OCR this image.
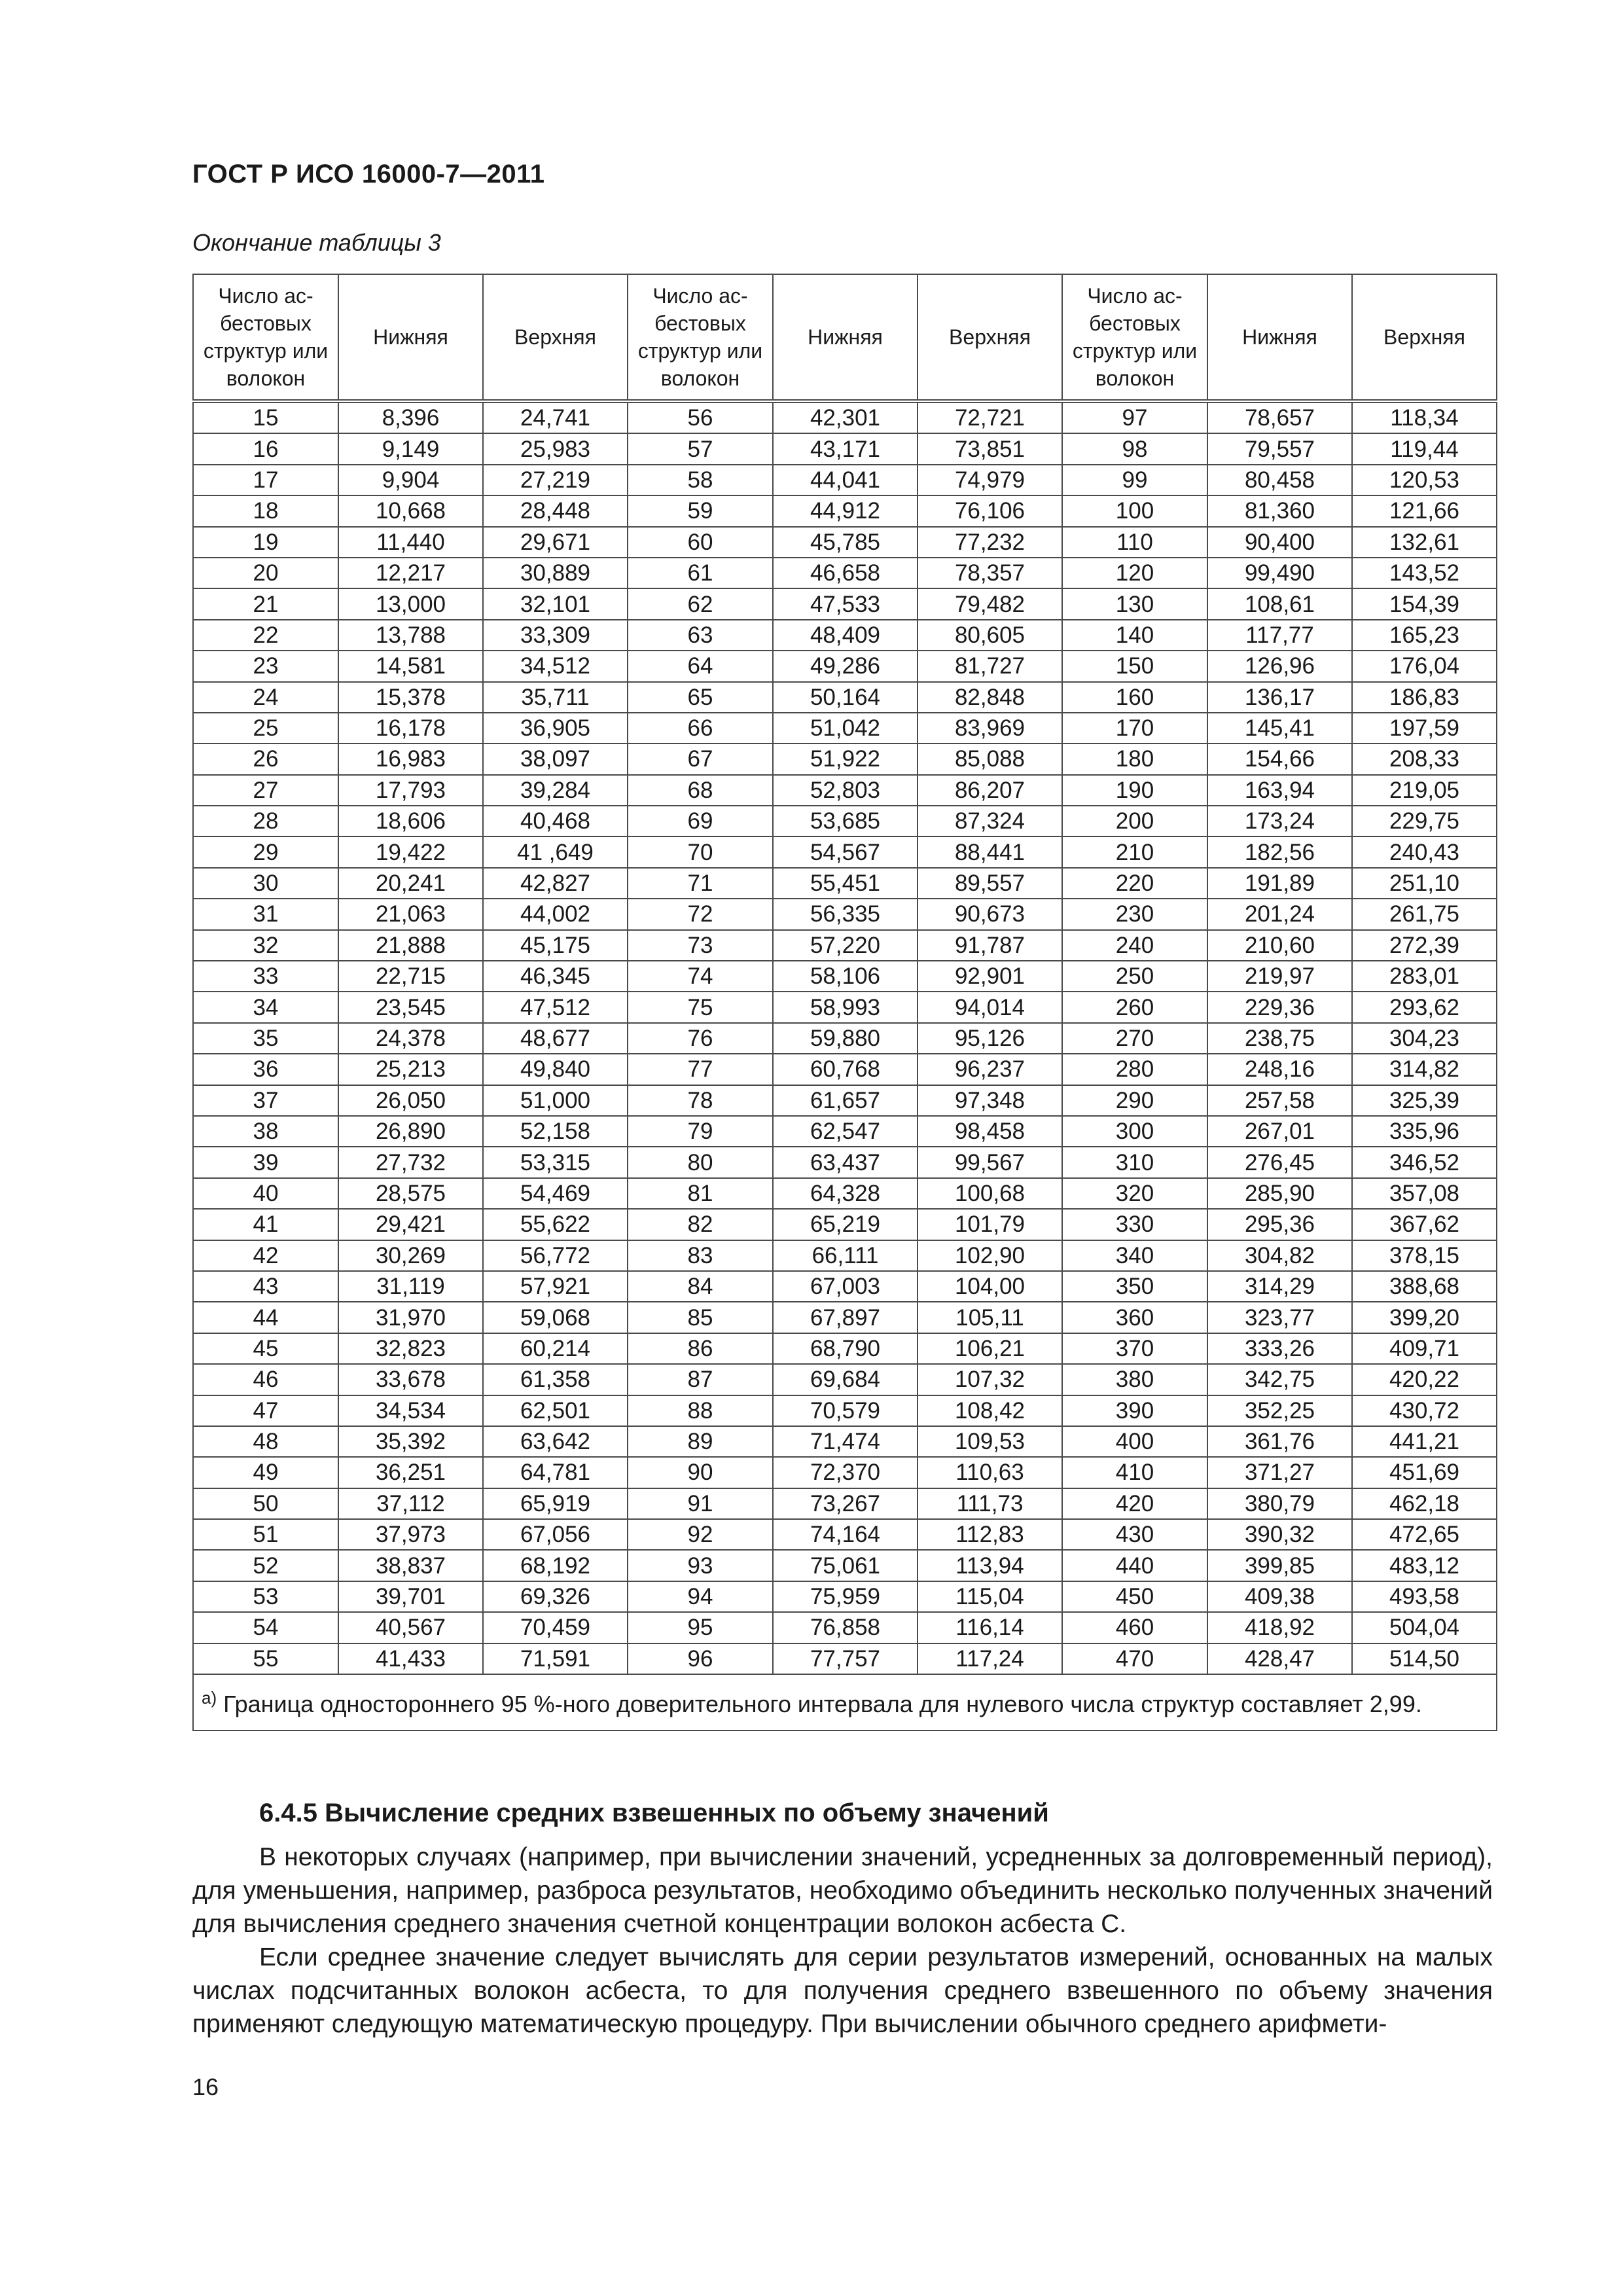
ГОСТ Р ИСО 16000-7—2011
Окончание таблицы 3
Число ас-
бестовых
структур или
волокон	Нижняя	Верхняя	Число ас-
бестовых
структур или
волокон	Нижняя	Верхняя	Число ас-
бестовых
структур или
волокон	Нижняя	Верхняя
15	8,396	24,741	56	42,301	72,721	97	78,657	118,34
16	9,149	25,983	57	43,171	73,851	98	79,557	119,44
17	9,904	27,219	58	44,041	74,979	99	80,458	120,53
18	10,668	28,448	59	44,912	76,106	100	81,360	121,66
19	11,440	29,671	60	45,785	77,232	110	90,400	132,61
20	12,217	30,889	61	46,658	78,357	120	99,490	143,52
21	13,000	32,101	62	47,533	79,482	130	108,61	154,39
22	13,788	33,309	63	48,409	80,605	140	117,77	165,23
23	14,581	34,512	64	49,286	81,727	150	126,96	176,04
24	15,378	35,711	65	50,164	82,848	160	136,17	186,83
25	16,178	36,905	66	51,042	83,969	170	145,41	197,59
26	16,983	38,097	67	51,922	85,088	180	154,66	208,33
27	17,793	39,284	68	52,803	86,207	190	163,94	219,05
28	18,606	40,468	69	53,685	87,324	200	173,24	229,75
29	19,422	41 ,649	70	54,567	88,441	210	182,56	240,43
30	20,241	42,827	71	55,451	89,557	220	191,89	251,10
31	21,063	44,002	72	56,335	90,673	230	201,24	261,75
32	21,888	45,175	73	57,220	91,787	240	210,60	272,39
33	22,715	46,345	74	58,106	92,901	250	219,97	283,01
34	23,545	47,512	75	58,993	94,014	260	229,36	293,62
35	24,378	48,677	76	59,880	95,126	270	238,75	304,23
36	25,213	49,840	77	60,768	96,237	280	248,16	314,82
37	26,050	51,000	78	61,657	97,348	290	257,58	325,39
38	26,890	52,158	79	62,547	98,458	300	267,01	335,96
39	27,732	53,315	80	63,437	99,567	310	276,45	346,52
40	28,575	54,469	81	64,328	100,68	320	285,90	357,08
41	29,421	55,622	82	65,219	101,79	330	295,36	367,62
42	30,269	56,772	83	66,111	102,90	340	304,82	378,15
43	31,119	57,921	84	67,003	104,00	350	314,29	388,68
44	31,970	59,068	85	67,897	105,11	360	323,77	399,20
45	32,823	60,214	86	68,790	106,21	370	333,26	409,71
46	33,678	61,358	87	69,684	107,32	380	342,75	420,22
47	34,534	62,501	88	70,579	108,42	390	352,25	430,72
48	35,392	63,642	89	71,474	109,53	400	361,76	441,21
49	36,251	64,781	90	72,370	110,63	410	371,27	451,69
50	37,112	65,919	91	73,267	111,73	420	380,79	462,18
51	37,973	67,056	92	74,164	112,83	430	390,32	472,65
52	38,837	68,192	93	75,061	113,94	440	399,85	483,12
53	39,701	69,326	94	75,959	115,04	450	409,38	493,58
54	40,567	70,459	95	76,858	116,14	460	418,92	504,04
55	41,433	71,591	96	77,757	117,24	470	428,47	514,50
$^{а)}$ Граница одностороннего 95 %-ного доверительного интервала для нулевого числа структур составляет 2,99.								
6.4.5 Вычисление средних взвешенных по объему значений

В некоторых случаях (например, при вычислении значений, усредненных за долговременный период), для уменьшения, например, разброса результатов, необходимо объединить несколько полученных значений для вычисления среднего значения счетной концентрации волокон асбеста С.

Если среднее значение следует вычислять для серии результатов измерений, основанных на малых числах подсчитанных волокон асбеста, то для получения среднего взвешенного по объему значения применяют следующую математическую процедуру. При вычислении обычного среднего арифмети-

16
